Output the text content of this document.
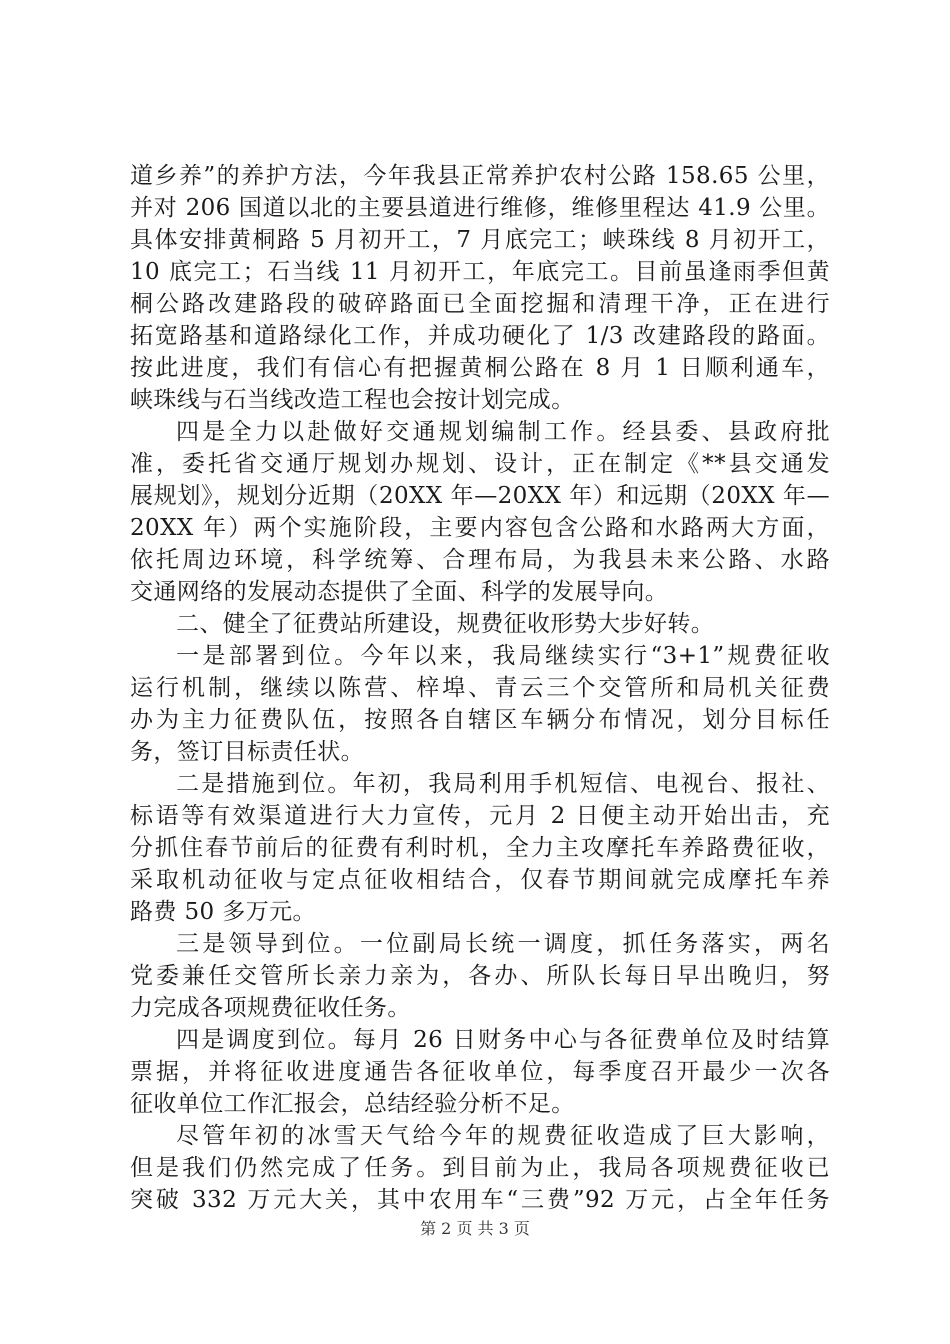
道乡养”的养护方法，今年我县正常养护农村公路 158.65 公里，
并对 206 国道以北的主要县道进行维修，维修里程达 41.9 公里。
具体安排黄桐路 5 月初开工，7 月底完工；峡珠线 8 月初开工，
10 底完工；石当线 11 月初开工，年底完工。目前虽逢雨季但黄
桐公路改建路段的破碎路面已全面挖掘和清理干净，正在进行
拓宽路基和道路绿化工作，并成功硬化了 1/3 改建路段的路面。
按此进度，我们有信心有把握黄桐公路在 8 月 1 日顺利通车，
峡珠线与石当线改造工程也会按计划完成。
四是全力以赴做好交通规划编制工作。经县委、县政府批
准，委托省交通厅规划办规划、设计，正在制定《**县交通发
展规划》，规划分近期（20XX 年—20XX 年）和远期（20XX 年—
20XX 年）两个实施阶段，主要内容包含公路和水路两大方面，
依托周边环境，科学统筹、合理布局，为我县未来公路、水路
交通网络的发展动态提供了全面、科学的发展导向。
二、健全了征费站所建设，规费征收形势大步好转。
一是部署到位。今年以来，我局继续实行“3+1”规费征收
运行机制，继续以陈营、梓埠、青云三个交管所和局机关征费
办为主力征费队伍，按照各自辖区车辆分布情况，划分目标任
务，签订目标责任状。
二是措施到位。年初，我局利用手机短信、电视台、报社、
标语等有效渠道进行大力宣传，元月 2 日便主动开始出击，充
分抓住春节前后的征费有利时机，全力主攻摩托车养路费征收，
采取机动征收与定点征收相结合，仅春节期间就完成摩托车养
路费 50 多万元。
三是领导到位。一位副局长统一调度，抓任务落实，两名
党委兼任交管所长亲力亲为，各办、所队长每日早出晚归，努
力完成各项规费征收任务。
四是调度到位。每月 26 日财务中心与各征费单位及时结算
票据，并将征收进度通告各征收单位，每季度召开最少一次各
征收单位工作汇报会，总结经验分析不足。
尽管年初的冰雪天气给今年的规费征收造成了巨大影响，
但是我们仍然完成了任务。到目前为止，我局各项规费征收已
突破 332 万元大关，其中农用车“三费”92 万元，占全年任务
第 2 页 共 3 页
